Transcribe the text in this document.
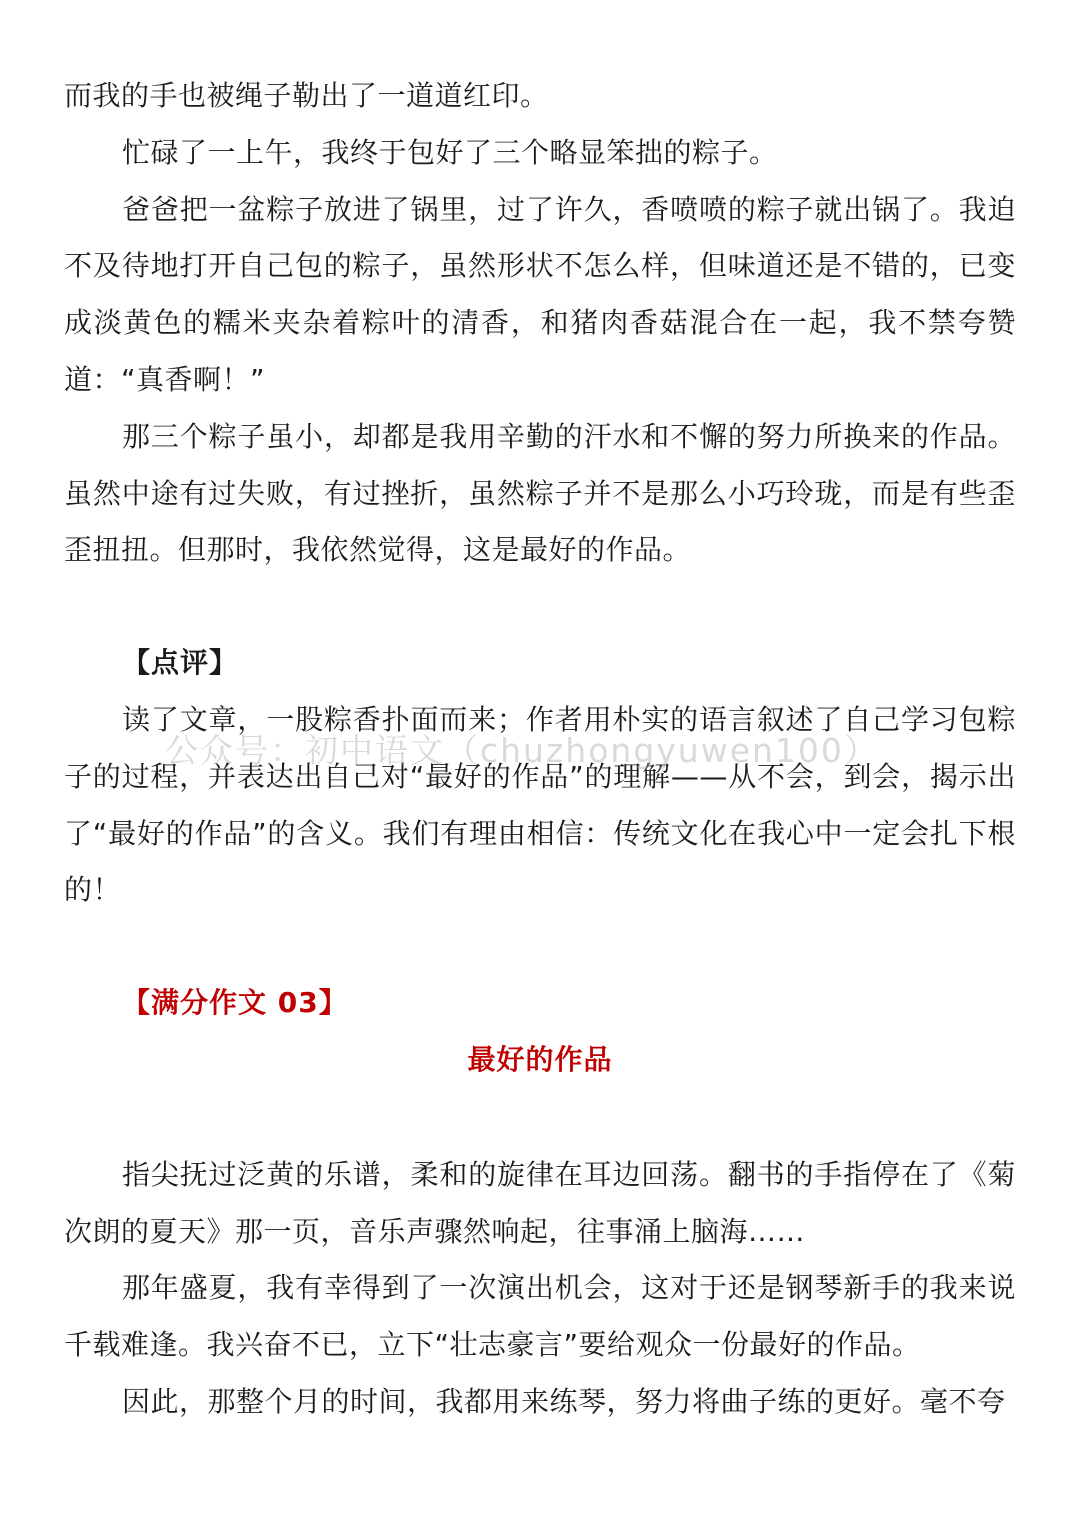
而我的手也被绳子勒出了一道道红印。

忙碌了一上午，我终于包好了三个略显笨拙的粽子。

爸爸把一盆粽子放进了锅里，过了许久，香喷喷的粽子就出锅了。我迫不及待地打开自己包的粽子，虽然形状不怎么样，但味道还是不错的，已变成淡黄色的糯米夹杂着粽叶的清香，和猪肉香菇混合在一起，我不禁夸赞道：“真香啊！”

那三个粽子虽小，却都是我用辛勤的汗水和不懈的努力所换来的作品。虽然中途有过失败，有过挫折，虽然粽子并不是那么小巧玲珑，而是有些歪歪扭扭。但那时，我依然觉得，这是最好的作品。

【点评】

读了文章，一股粽香扑面而来；作者用朴实的语言叙述了自己学习包粽子的过程，并表达出自己对“最好的作品”的理解——从不会，到会，揭示出了“最好的作品”的含义。我们有理由相信：传统文化在我心中一定会扎下根的！

【满分作文 03】
最好的作品

指尖抚过泛黄的乐谱，柔和的旋律在耳边回荡。翻书的手指停在了《菊次朗的夏天》那一页，音乐声骤然响起，往事涌上脑海……

那年盛夏，我有幸得到了一次演出机会，这对于还是钢琴新手的我来说千载难逢。我兴奋不已，立下“壮志豪言”要给观众一份最好的作品。

因此，那整个月的时间，我都用来练琴，努力将曲子练的更好。毫不夸

公众号：初中语文（chuzhongyuwen100）
